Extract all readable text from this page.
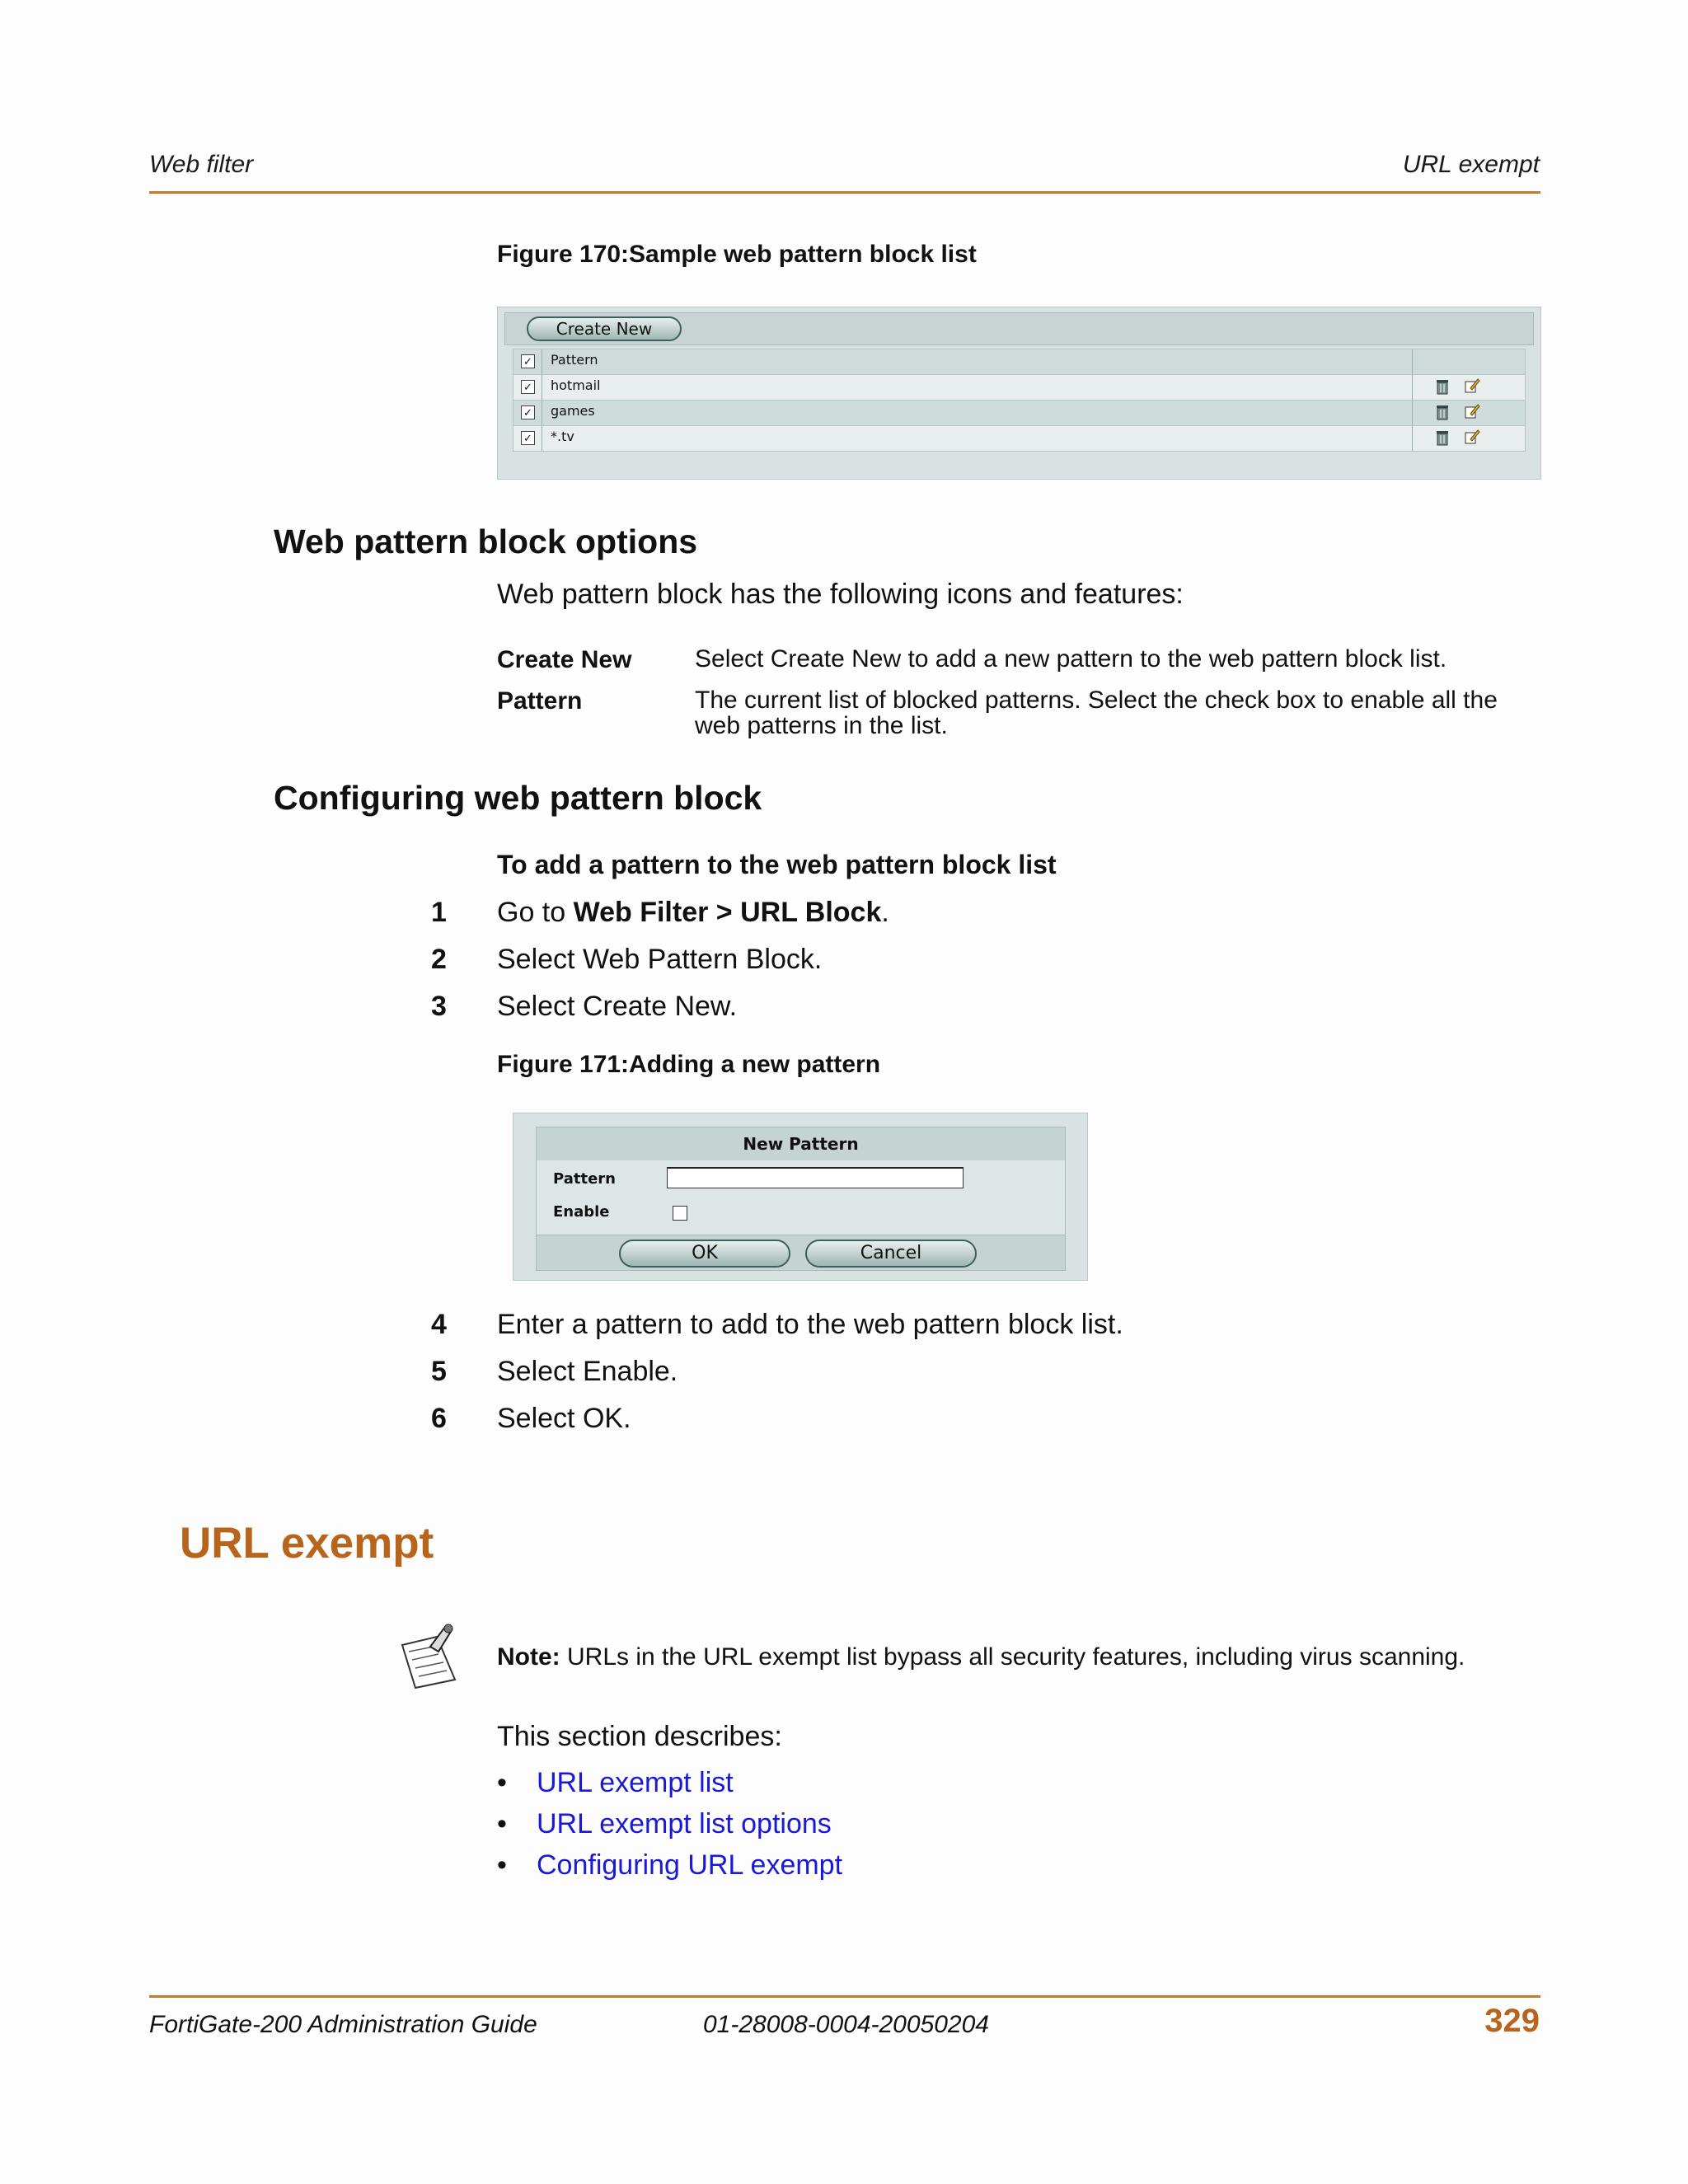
Web filter	URL exempt
Figure 170:Sample web pattern block list
Create New
✓ Pattern
✓ hotmail
✓ games
✓ *.tv
Web pattern block options
Web pattern block has the following icons and features:
Create New	Select Create New to add a new pattern to the web pattern block list.
Pattern	The current list of blocked patterns. Select the check box to enable all the web patterns in the list.
Configuring web pattern block
To add a pattern to the web pattern block list
1 Go to Web Filter > URL Block.
2 Select Web Pattern Block.
3 Select Create New.
Figure 171:Adding a new pattern
New Pattern
Pattern
Enable
OK	Cancel
4 Enter a pattern to add to the web pattern block list.
5 Select Enable.
6 Select OK.
URL exempt
Note: URLs in the URL exempt list bypass all security features, including virus scanning.
This section describes:
• URL exempt list
• URL exempt list options
• Configuring URL exempt
FortiGate-200 Administration Guide	01-28008-0004-20050204	329
